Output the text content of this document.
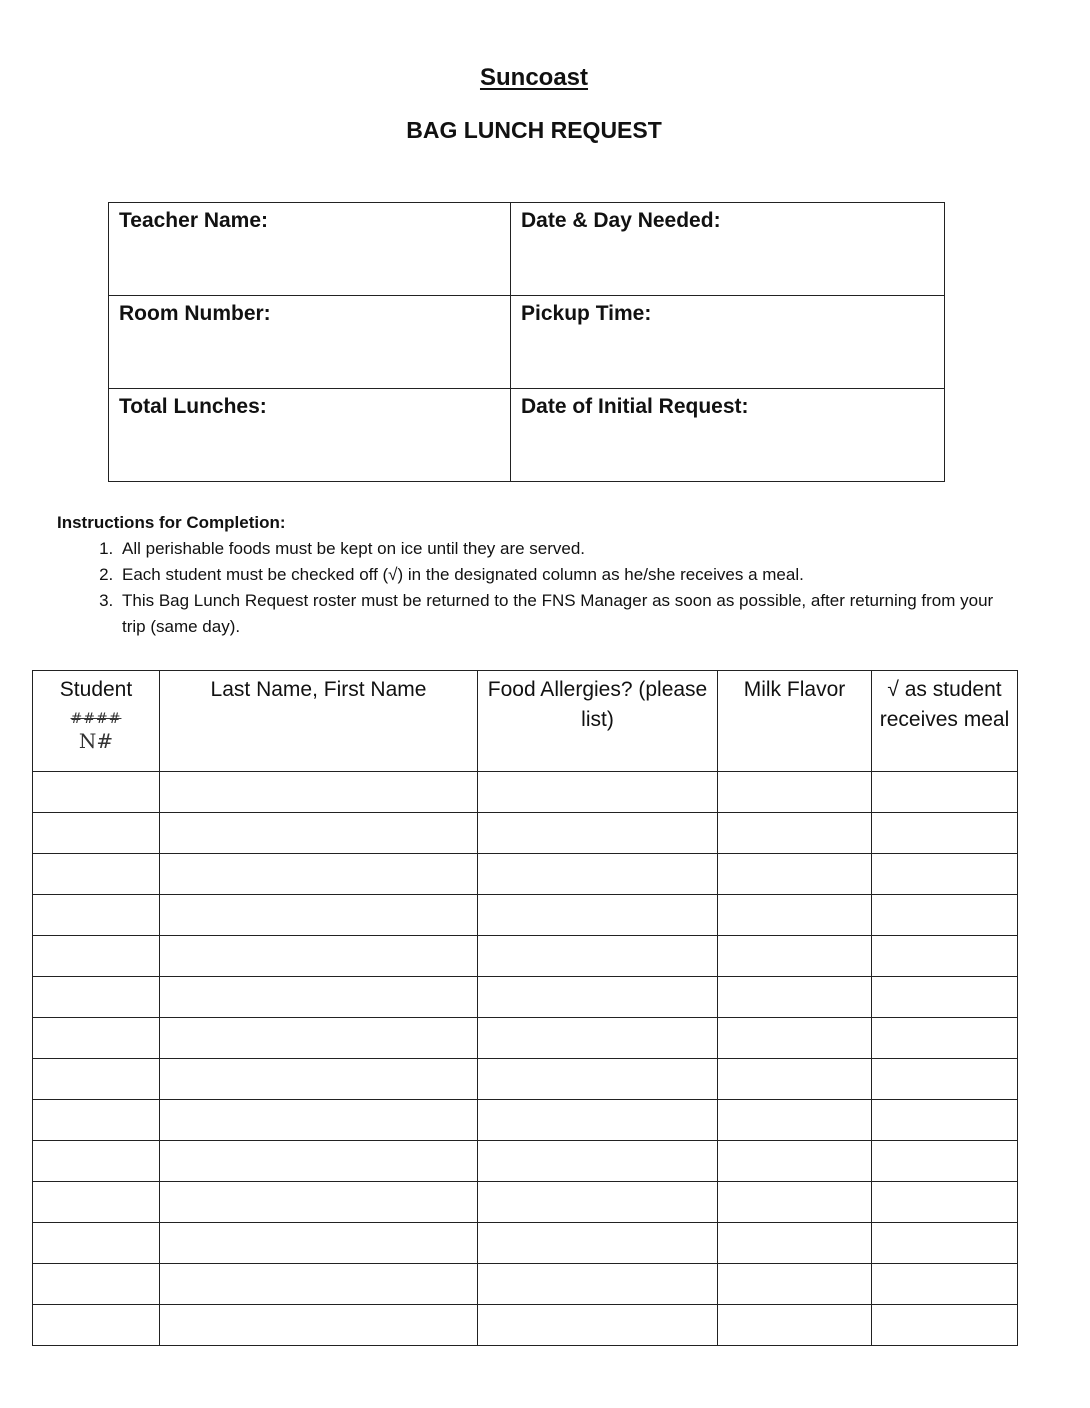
Suncoast
BAG LUNCH REQUEST
Teacher Name:	Date & Day Needed:
Room Number:	Pickup Time:
Total Lunches:	Date of Initial Request:
Instructions for Completion:
1. All perishable foods must be kept on ice until they are served.
2. Each student must be checked off (√) in the designated column as he/she receives a meal.
3. This Bag Lunch Request roster must be returned to the FNS Manager as soon as possible, after returning from your trip (same day).
Student
####
N#	Last Name, First Name	Food Allergies? (please list)	Milk Flavor	√ as student receives meal
